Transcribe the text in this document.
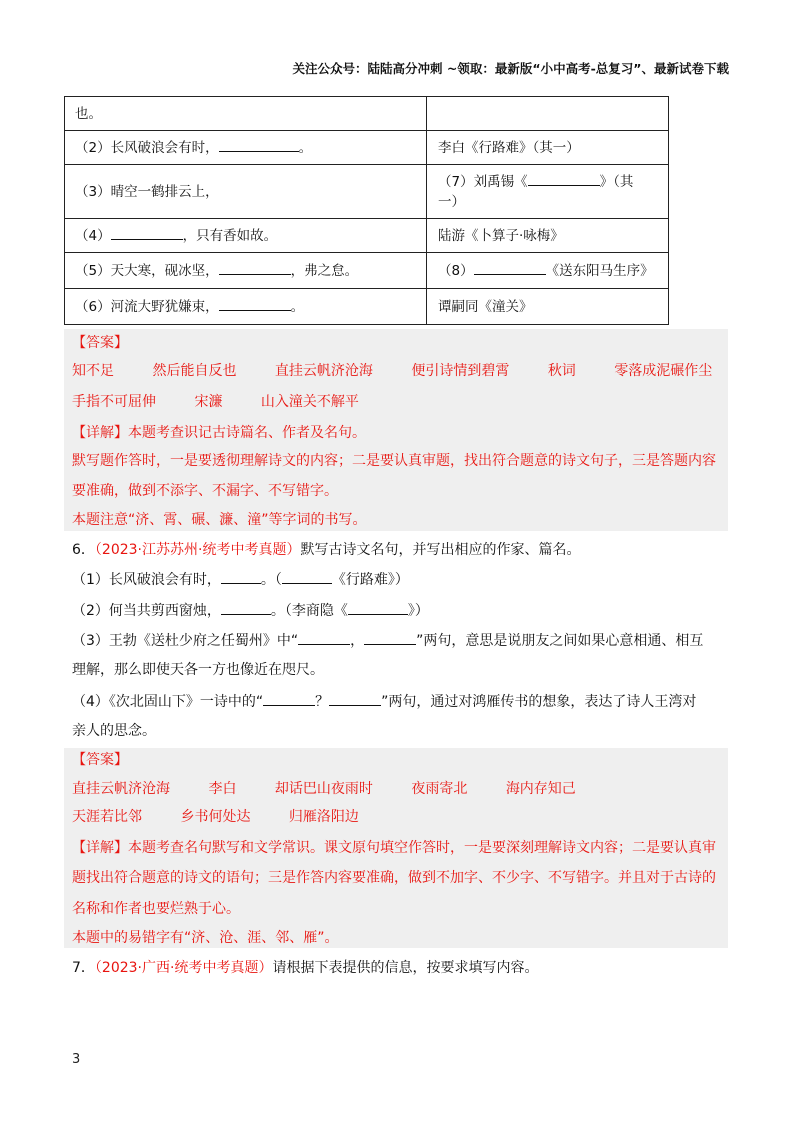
关注公众号：陆陆高分冲刺 ~领取：最新版“小中高考-总复习”、最新试卷下载
也。	
（2）长风破浪会有时， 。	李白《行路难》（其一）
（3）晴空一鹤排云上，	（7）刘禹锡《 》（其
一）
（4） ，只有香如故。	陆游《卜算子·咏梅》
（5）天大寒，砚冰坚， ，弗之怠。	（8） 《送东阳马生序》
（6）河流大野犹嫌束， 。	谭嗣同《潼关》
【答案】
知不足	然后能自反也	直挂云帆济沧海	便引诗情到碧霄	秋词	零落成泥碾作尘
手指不可屈伸	宋濂	山入潼关不解平
【详解】本题考查识记古诗篇名、作者及名句。
默写题作答时，一是要透彻理解诗文的内容；二是要认真审题，找出符合题意的诗文句子，三是答题内容
要准确，做到不添字、不漏字、不写错字。
本题注意“济、霄、碾、濂、潼”等字词的书写。
6．（2023·江苏苏州·统考中考真题）默写古诗文名句，并写出相应的作家、篇名。
（1）长风破浪会有时，	。（	《行路难》）
（2）何当共剪西窗烛，	。（李商隐《	》）
（3）王勃《送杜少府之任蜀州》中“	，	”两句，意思是说朋友之间如果心意相通、相互
理解，那么即使天各一方也像近在咫尺。
（4）《次北固山下》一诗中的“	？	”两句，通过对鸿雁传书的想象，表达了诗人王湾对
亲人的思念。
【答案】
直挂云帆济沧海	李白	却话巴山夜雨时	夜雨寄北	海内存知己
天涯若比邻	乡书何处达	归雁洛阳边
【详解】本题考查名句默写和文学常识。课文原句填空作答时，一是要深刻理解诗文内容；二是要认真审
题找出符合题意的诗文的语句；三是作答内容要准确，做到不加字、不少字、不写错字。并且对于古诗的
名称和作者也要烂熟于心。
本题中的易错字有“济、沧、涯、邻、雁”。
7．（2023·广西·统考中考真题）请根据下表提供的信息，按要求填写内容。
3
